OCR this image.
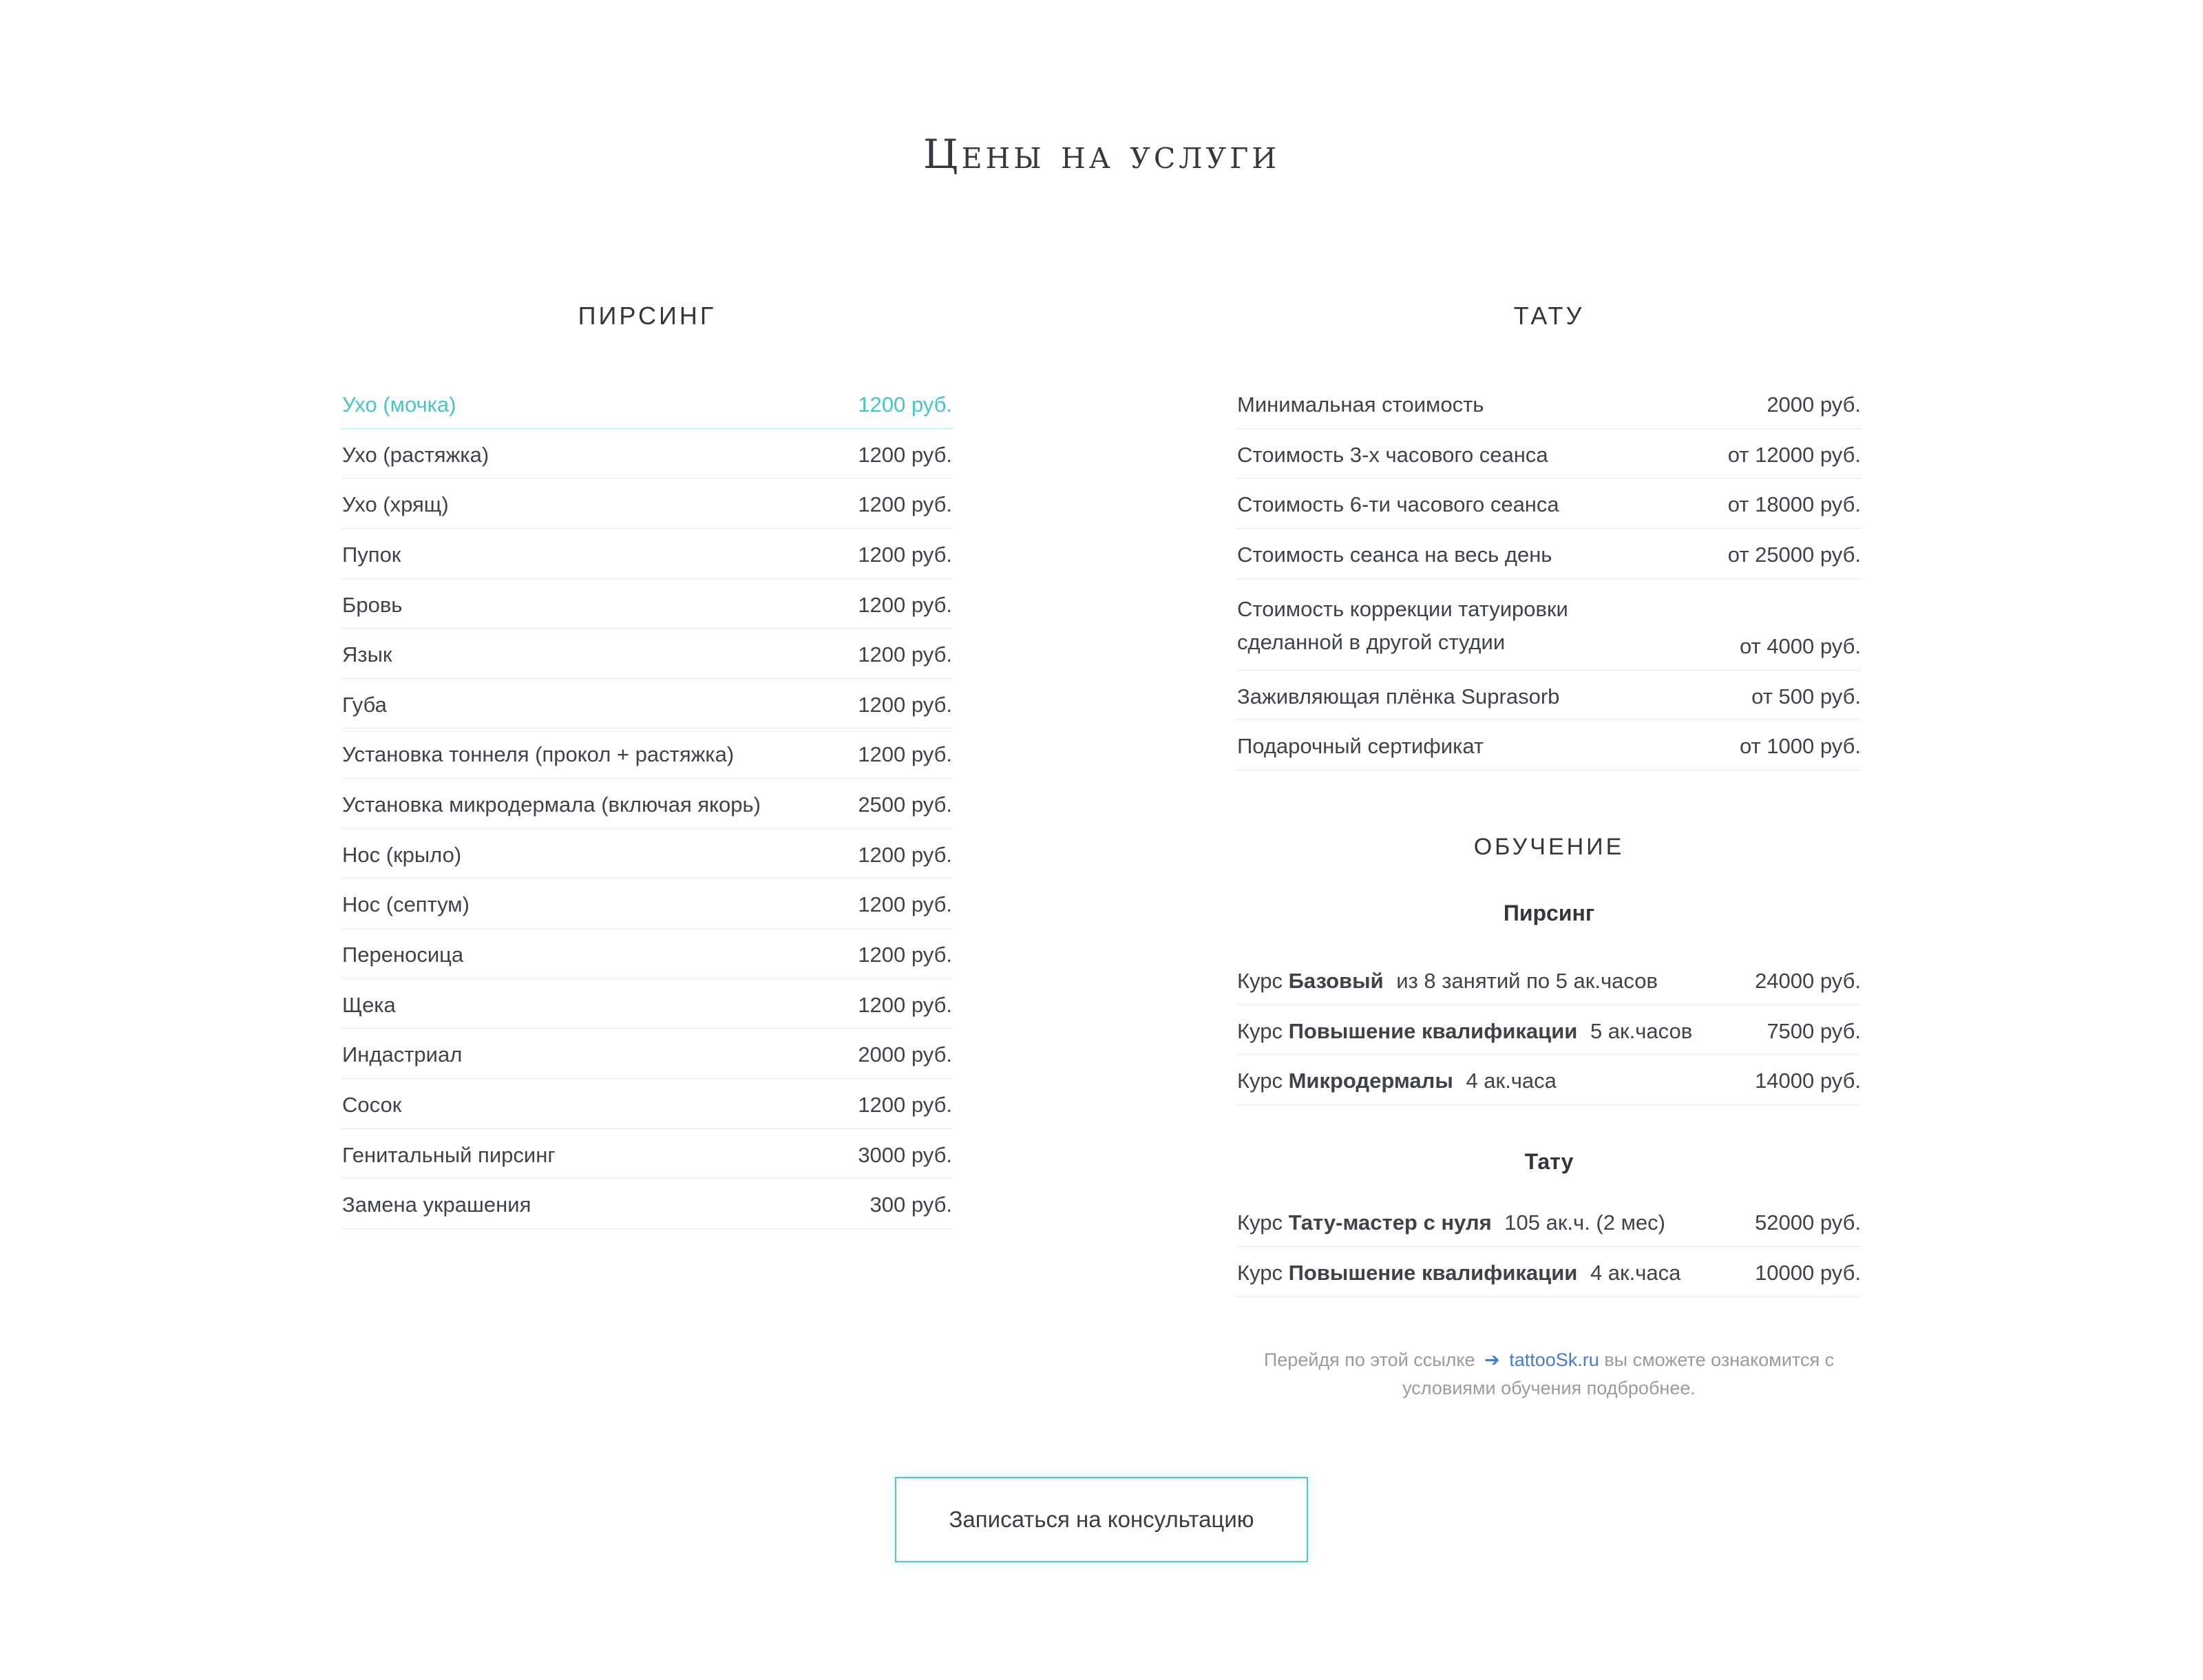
Цены на услуги
ПИРСИНГ
Ухо (мочка)	1200 руб.
Ухо (растяжка)	1200 руб.
Ухо (хрящ)	1200 руб.
Пупок	1200 руб.
Бровь	1200 руб.
Язык	1200 руб.
Губа	1200 руб.
Установка тоннеля (прокол + растяжка)	1200 руб.
Установка микродермала (включая якорь)	2500 руб.
Нос (крыло)	1200 руб.
Нос (септум)	1200 руб.
Переносица	1200 руб.
Щека	1200 руб.
Индастриал	2000 руб.
Сосок	1200 руб.
Генитальный пирсинг	3000 руб.
Замена украшения	300 руб.
ТАТУ
Минимальная стоимость	2000 руб.
Стоимость 3-х часового сеанса	от 12000 руб.
Стоимость 6-ти часового сеанса	от 18000 руб.
Стоимость сеанса на весь день	от 25000 руб.
Стоимость коррекции татуировки
сделанной в другой студии	от 4000 руб.
Заживляющая плёнка Suprasorb	от 500 руб.
Подарочный сертификат	от 1000 руб.
ОБУЧЕНИЕ
Пирсинг
Курс Базовый из 8 занятий по 5 ак.часов	24000 руб.
Курс Повышение квалификации 5 ак.часов	7500 руб.
Курс Микродермалы 4 ак.часа	14000 руб.
Тату
Курс Тату-мастер с нуля 105 ак.ч. (2 мес)	52000 руб.
Курс Повышение квалификации 4 ак.часа	10000 руб.

Перейдя по этой ссылке ➔ tattooSk.ru вы сможете ознакомится с условиями обучения подбробнее.

Записаться на консультацию
